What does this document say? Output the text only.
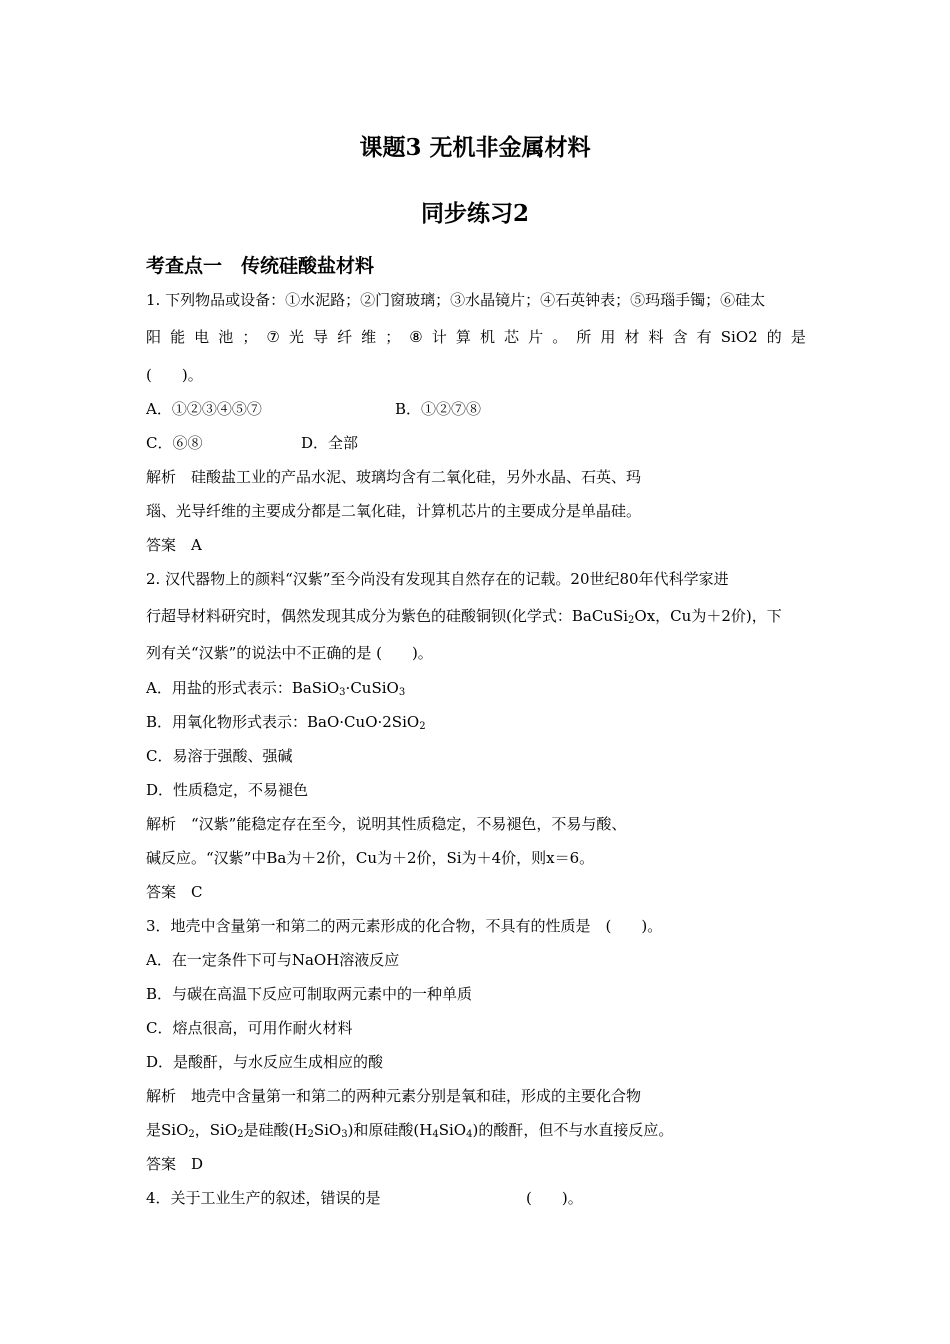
课题3 无机非金属材料
同步练习2
考查点一　传统硅酸盐材料
1. 下列物品或设备：①水泥路；②门窗玻璃；③水晶镜片；④石英钟表；⑤玛瑙手镯；⑥硅太
阳 能 电 池 ； ⑦ 光 导 纤 维 ； ⑧ 计 算 机 芯 片 。 所 用 材 料 含 有 SiO2 的 是
(　　)。
A．①②③④⑤⑦	B．①②⑦⑧
C．⑥⑧	D．全部
解析　硅酸盐工业的产品水泥、玻璃均含有二氧化硅，另外水晶、石英、玛
瑙、光导纤维的主要成分都是二氧化硅，计算机芯片的主要成分是单晶硅。
答案　A
2. 汉代器物上的颜料“汉紫”至今尚没有发现其自然存在的记载。20世纪80年代科学家进
行超导材料研究时，偶然发现其成分为紫色的硅酸铜钡(化学式：BaCuSi$_2$Ox，Cu为＋2价)，下
列有关“汉紫”的说法中不正确的是 (　　)。
A．用盐的形式表示：BaSiO$_3$·CuSiO$_3$
B．用氧化物形式表示：BaO·CuO·2SiO$_2$
C．易溶于强酸、强碱
D．性质稳定，不易褪色
解析　“汉紫”能稳定存在至今，说明其性质稳定，不易褪色，不易与酸、
碱反应。“汉紫”中Ba为＋2价，Cu为＋2价，Si为＋4价，则x＝6。
答案　C
3．地壳中含量第一和第二的两元素形成的化合物，不具有的性质是　(　　)。
A．在一定条件下可与NaOH溶液反应
B．与碳在高温下反应可制取两元素中的一种单质
C．熔点很高，可用作耐火材料
D．是酸酐，与水反应生成相应的酸
解析　地壳中含量第一和第二的两种元素分别是氧和硅，形成的主要化合物
是SiO$_2$，SiO$_2$是硅酸$(H_2SiO_3)$和原硅酸$(H_4SiO_4)$的酸酐，但不与水直接反应。
答案　D
4．关于工业生产的叙述，错误的是	(　　)。
